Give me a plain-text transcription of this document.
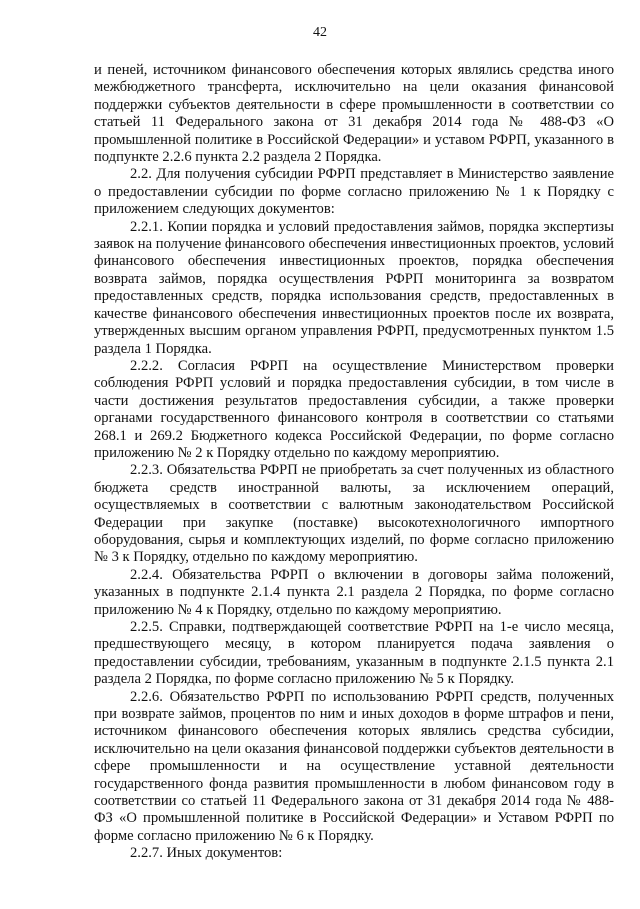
42

и пеней, источником финансового обеспечения которых являлись средства иного межбюджетного трансферта, исключительно на цели оказания финансовой поддержки субъектов деятельности в сфере промышленности в соответствии со статьей 11 Федерального закона от 31 декабря 2014 года № 488-ФЗ «О промышленной политике в Российской Федерации» и уставом РФРП, указанного в подпункте 2.2.6 пункта 2.2 раздела 2 Порядка.

2.2. Для получения субсидии РФРП представляет в Министерство заявление о предоставлении субсидии по форме согласно приложению № 1 к Порядку с приложением следующих документов:

2.2.1. Копии порядка и условий предоставления займов, порядка экспертизы заявок на получение финансового обеспечения инвестиционных проектов, условий финансового обеспечения инвестиционных проектов, порядка обеспечения возврата займов, порядка осуществления РФРП мониторинга за возвратом предоставленных средств, порядка использования средств, предоставленных в качестве финансового обеспечения инвестиционных проектов после их возврата, утвержденных высшим органом управления РФРП, предусмотренных пунктом 1.5 раздела 1 Порядка.

2.2.2. Согласия РФРП на осуществление Министерством проверки соблюдения РФРП условий и порядка предоставления субсидии, в том числе в части достижения результатов предоставления субсидии, а также проверки органами государственного финансового контроля в соответствии со статьями 268.1 и 269.2 Бюджетного кодекса Российской Федерации, по форме согласно приложению № 2 к Порядку отдельно по каждому мероприятию.

2.2.3. Обязательства РФРП не приобретать за счет полученных из областного бюджета средств иностранной валюты, за исключением операций, осуществляемых в соответствии с валютным законодательством Российской Федерации при закупке (поставке) высокотехнологичного импортного оборудования, сырья и комплектующих изделий, по форме согласно приложению № 3 к Порядку, отдельно по каждому мероприятию.

2.2.4. Обязательства РФРП о включении в договоры займа положений, указанных в подпункте 2.1.4 пункта 2.1 раздела 2 Порядка, по форме согласно приложению № 4 к Порядку, отдельно по каждому мероприятию.

2.2.5. Справки, подтверждающей соответствие РФРП на 1-е число месяца, предшествующего месяцу, в котором планируется подача заявления о предоставлении субсидии, требованиям, указанным в подпункте 2.1.5 пункта 2.1 раздела 2 Порядка, по форме согласно приложению № 5 к Порядку.

2.2.6. Обязательство РФРП по использованию РФРП средств, полученных при возврате займов, процентов по ним и иных доходов в форме штрафов и пени, источником финансового обеспечения которых являлись средства субсидии, исключительно на цели оказания финансовой поддержки субъектов деятельности в сфере промышленности и на осуществление уставной деятельности государственного фонда развития промышленности в любом финансовом году в соответствии со статьей 11 Федерального закона от 31 декабря 2014 года № 488-ФЗ «О промышленной политике в Российской Федерации» и Уставом РФРП по форме согласно приложению № 6 к Порядку.

2.2.7. Иных документов:
